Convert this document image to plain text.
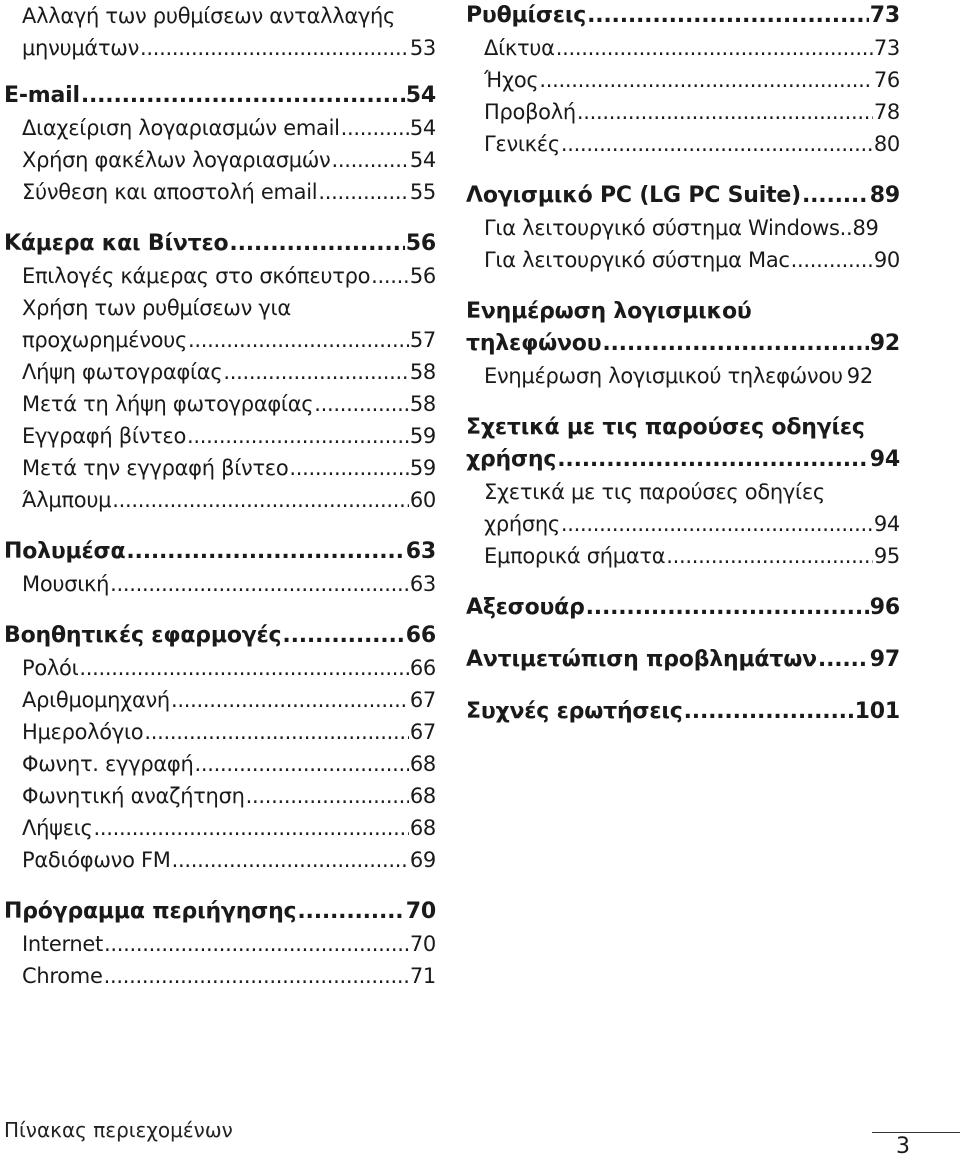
Αλλαγή των ρυθμίσεων ανταλλαγής
μηνυμάτων .....	53
E-mail .....	54
Διαχείριση λογαριασμών email .....	54
Χρήση φακέλων λογαριασμών .....	54
Σύνθεση και αποστολή email .....	55
Κάμερα και Βίντεο .....	56
Επιλογές κάμερας στο σκόπευτρο ..... 56
Χρήση των ρυθμίσεων για
προχωρημένους .....	57
Λήψη φωτογραφίας .....	58
Μετά τη λήψη φωτογραφίας .....	58
Εγγραφή βίντεο .....	59
Μετά την εγγραφή βίντεο .....	59
Άλμπουμ .....	60
Πολυμέσα .....	63
Μουσική .....	63
Βοηθητικές εφαρμογές .....	66
Ρολόι .....	66
Αριθμομηχανή .....	67
Ημερολόγιο .....	67
Φωνητ. εγγραφή .....	68
Φωνητική αναζήτηση .....	68
Λήψεις .....	68
Ραδιόφωνο FM .....	69
Πρόγραμμα περιήγησης .....	70
Internet .....	70
Chrome .....	71
Ρυθμίσεις .....	73
Δίκτυα .....	73
Ήχος .....	76
Προβολή .....	78
Γενικές .....	80
Λογισμικό PC (LG PC Suite) .....	89
Για λειτουργικό σύστημα Windows .. 89
Για λειτουργικό σύστημα Mac .....	90
Ενημέρωση λογισμικού
τηλεφώνου .....	92
Ενημέρωση λογισμικού τηλεφώνου 92
Σχετικά με τις παρούσες οδηγίες
χρήσης .....	94
Σχετικά με τις παρούσες οδηγίες
χρήσης .....	94
Εμπορικά σήματα .....	95
Αξεσουάρ .....	96
Αντιμετώπιση προβλημάτων ..... 97
Συχνές ερωτήσεις .....	101
Πίνακας περιεχομένων
3
